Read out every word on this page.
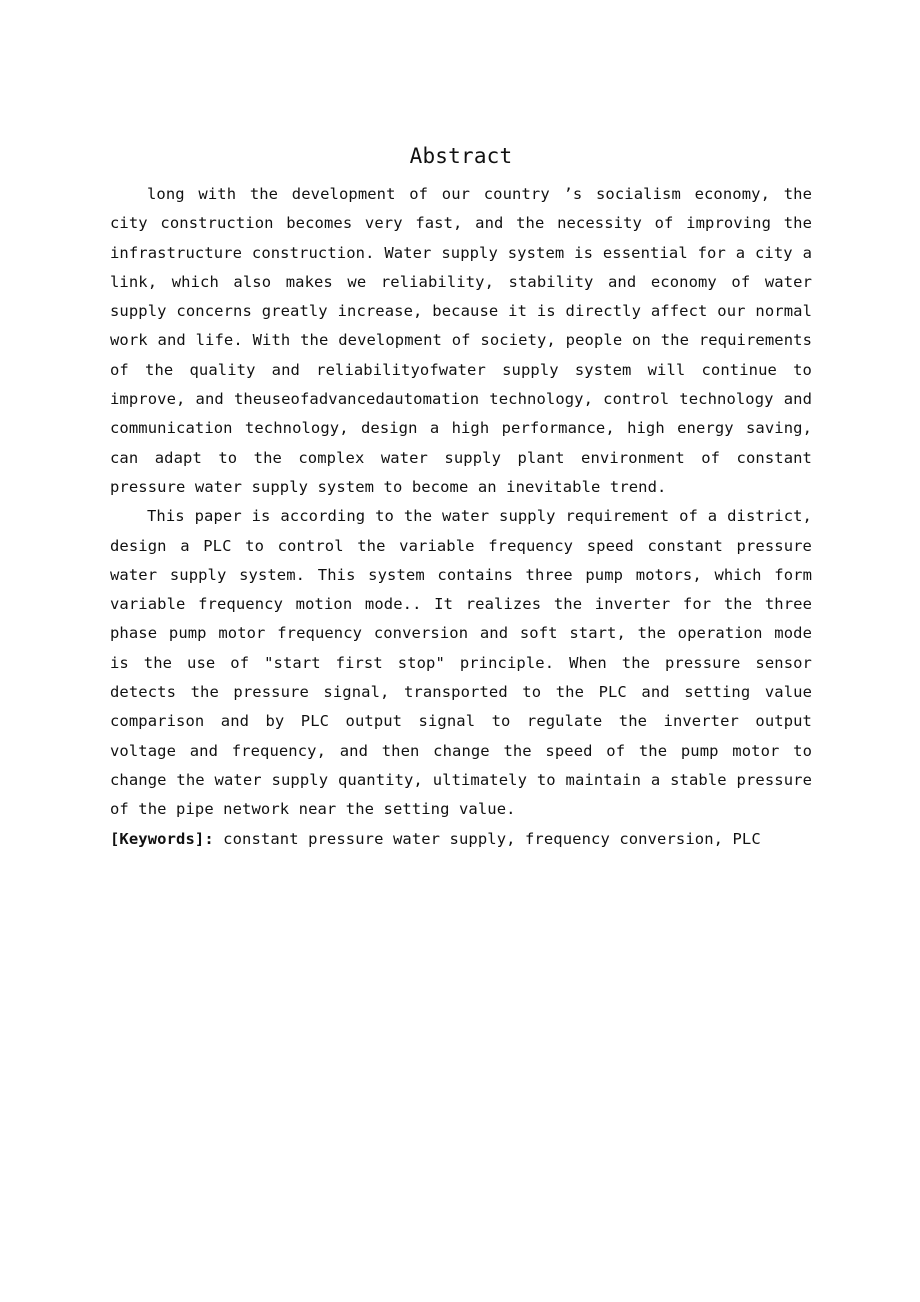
Abstract

long with the development of our country ’s socialism economy, the city construction becomes very fast, and the necessity of improving the infrastructure construction. Water supply system is essential for a city a link, which also makes we reliability, stability and economy of water supply concerns greatly increase, because it is directly affect our normal work and life. With the development of society, people on the requirements of the quality and reliabilityofwater supply system will continue to improve, and theuseofadvancedautomation technology, control technology and communication technology, design a high performance, high energy saving, can adapt to the complex water supply plant environment of constant pressure water supply system to become an inevitable trend.

This paper is according to the water supply requirement of a district, design a PLC to control the variable frequency speed constant pressure water supply system. This system contains three pump motors, which form variable frequency motion mode.. It realizes the inverter for the three phase pump motor frequency conversion and soft start, the operation mode is the use of "start first stop" principle. When the pressure sensor detects the pressure signal, transported to the PLC and setting value comparison and by PLC output signal to regulate the inverter output voltage and frequency, and then change the speed of the pump motor to change the water supply quantity, ultimately to maintain a stable pressure of the pipe network near the setting value.

[Keywords]: constant pressure water supply, frequency conversion, PLC
